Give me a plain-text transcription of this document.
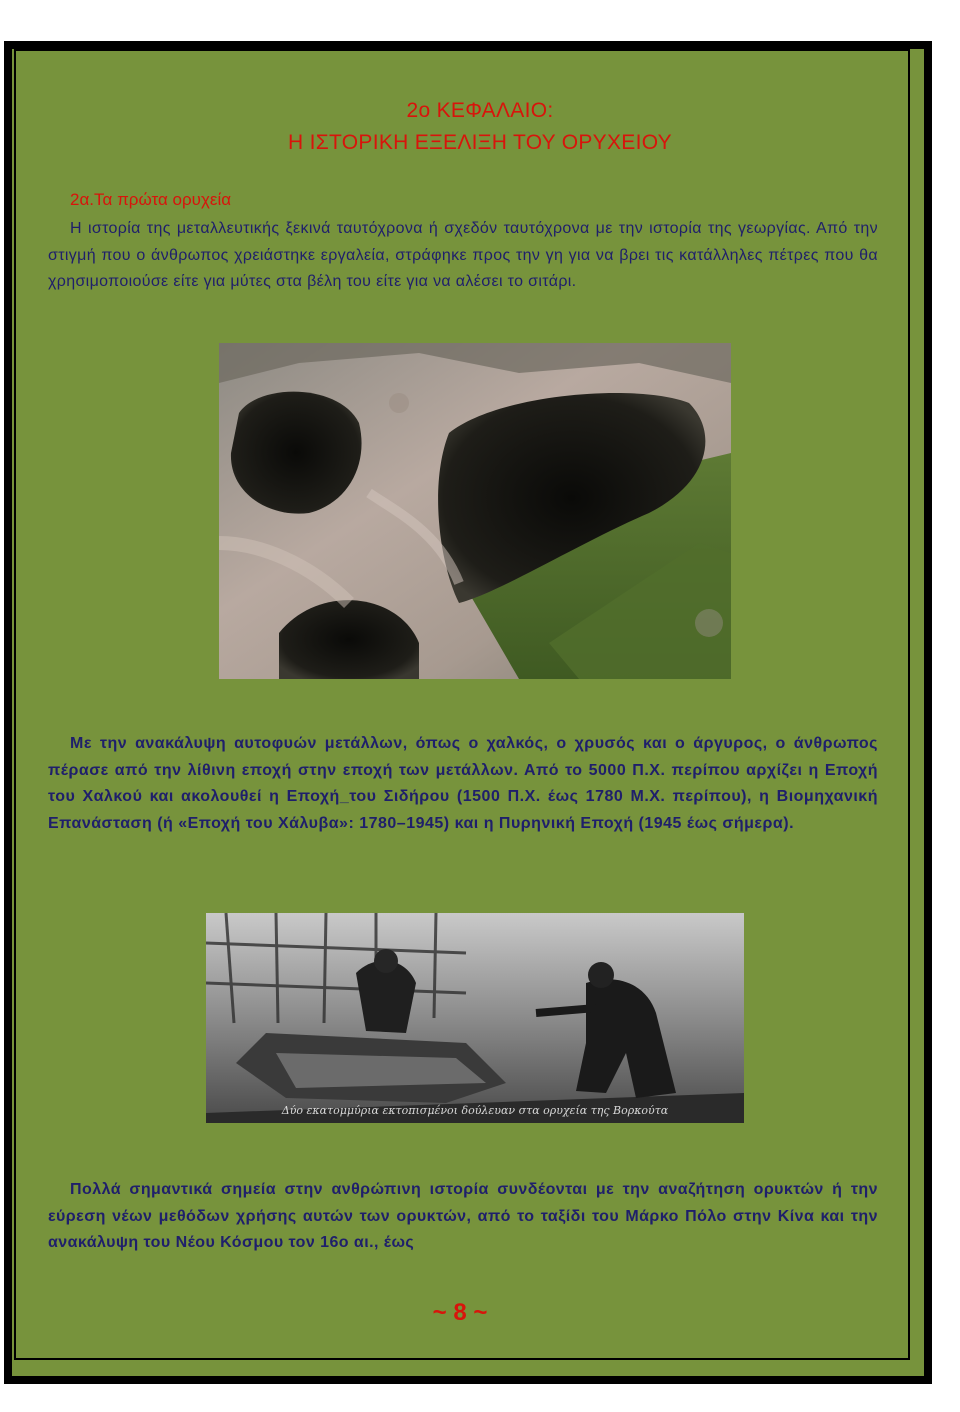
2ο ΚΕΦΑΛΑΙΟ:
Η ΙΣΤΟΡΙΚΗ ΕΞΕΛΙΞΗ ΤΟΥ ΟΡΥΧΕΙΟΥ
2α.Τα πρώτα ορυχεία
Η ιστορία της μεταλλευτικής ξεκινά ταυτόχρονα ή σχεδόν ταυτόχρονα με την ιστορία της γεωργίας. Από την στιγμή που ο άνθρωπος χρειάστηκε εργαλεία, στράφηκε προς την γη για να βρει τις κατάλληλες πέτρες που θα χρησιμοποιούσε είτε για μύτες στα βέλη του είτε για να αλέσει το σιτάρι.
Με την ανακάλυψη αυτοφυών μετάλλων, όπως ο χαλκός, ο χρυσός και ο άργυρος, ο άνθρωπος πέρασε από την λίθινη εποχή στην εποχή των μετάλλων. Από το 5000 Π.Χ. περίπου αρχίζει η Εποχή του Χαλκού και ακολουθεί η Εποχή_του Σιδήρου (1500 Π.Χ. έως 1780 Μ.Χ. περίπου), η Βιομηχανική Επανάσταση (ή «Εποχή του Χάλυβα»: 1780–1945) και η Πυρηνική Εποχή (1945 έως σήμερα).
Δύο εκατομμύρια εκτοπισμένοι δούλευαν στα ορυχεία της Βορκούτα
Πολλά σημαντικά σημεία στην ανθρώπινη ιστορία συνδέονται με την αναζήτηση ορυκτών ή την εύρεση νέων μεθόδων χρήσης αυτών των ορυκτών, από το ταξίδι του Μάρκο Πόλο στην Κίνα και την ανακάλυψη του Νέου Κόσμου τον 16ο αι., έως
~ 8 ~
